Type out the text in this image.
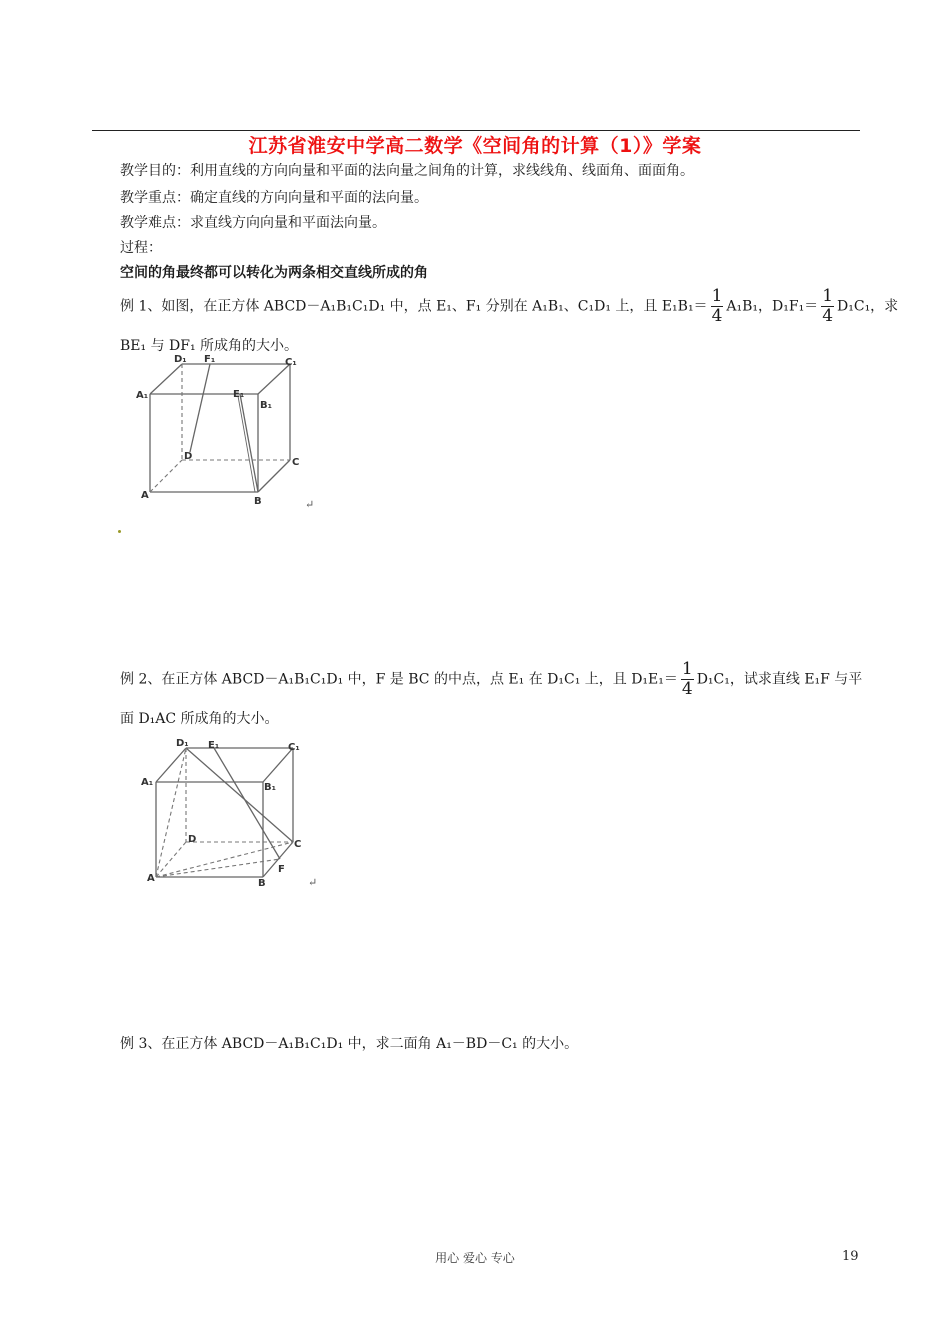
江苏省淮安中学高二数学《空间角的计算（1）》学案
教学目的：利用直线的方向向量和平面的法向量之间角的计算，求线线角、线面角、面面角。
教学重点：确定直线的方向向量和平面的法向量。
教学难点：求直线方向向量和平面法向量。
过程：
空间的角最终都可以转化为两条相交直线所成的角
例 1、如图，在正方体 ABCD－A₁B₁C₁D₁ 中，点 E₁、F₁ 分别在 A₁B₁、C₁D₁ 上，且 $E_1B_1= \frac{1}{4} A_1B_1$，$D_1F_1= \frac{1}{4} D_1C_1$，求
BE₁ 与 DF₁ 所成角的大小。
D₁ F₁	C₁
A₁	E₁
B₁
D
C
A
B	↵
例 2、在正方体 ABCD－A₁B₁C₁D₁ 中，F 是 BC 的中点，点 E₁ 在 D₁C₁ 上，且 $D_1E_1= \frac{1}{4} D_1C_1$，试求直线 E₁F 与平
面 D₁AC 所成角的大小。
D₁ E₁	C₁
A₁	B₁
D	C
F
A	B	↵
例 3、在正方体 ABCD－A₁B₁C₁D₁ 中，求二面角 A₁－BD－C₁ 的大小。
用心 爱心 专心	19
